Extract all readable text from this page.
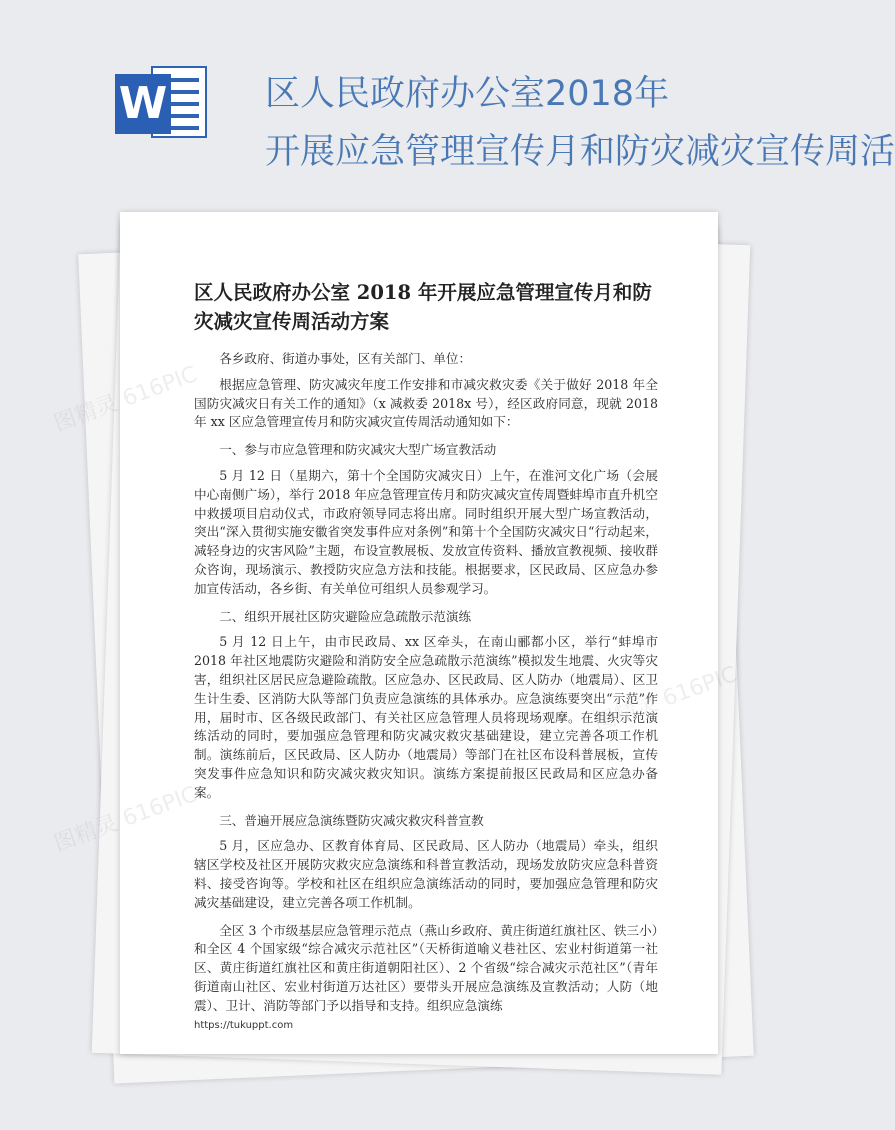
W	区人民政府办公室2018年
开展应急管理宣传月和防灾减灾宣传周活
图精灵 616PIC
图精灵 616PIC
图精灵 616PIC
区人民政府办公室 2018 年开展应急管理宣传月和防灾减灾宣传周活动方案

各乡政府、街道办事处，区有关部门、单位：

根据应急管理、防灾减灾年度工作安排和市减灾救灾委《关于做好 2018 年全国防灾减灾日有关工作的通知》（x 减救委 2018x 号），经区政府同意，现就 2018 年 xx 区应急管理宣传月和防灾减灾宣传周活动通知如下：

一、参与市应急管理和防灾减灾大型广场宣教活动

5 月 12 日（星期六，第十个全国防灾减灾日）上午，在淮河文化广场（会展中心南侧广场），举行 2018 年应急管理宣传月和防灾减灾宣传周暨蚌埠市直升机空中救援项目启动仪式，市政府领导同志将出席。同时组织开展大型广场宣教活动，突出“深入贯彻实施安徽省突发事件应对条例”和第十个全国防灾减灾日“行动起来，减轻身边的灾害风险”主题，布设宣教展板、发放宣传资料、播放宣教视频、接收群众咨询，现场演示、教授防灾应急方法和技能。根据要求，区民政局、区应急办参加宣传活动，各乡街、有关单位可组织人员参观学习。

二、组织开展社区防灾避险应急疏散示范演练

5 月 12 日上午，由市民政局、xx 区牵头，在南山郦都小区，举行“蚌埠市 2018 年社区地震防灾避险和消防安全应急疏散示范演练”模拟发生地震、火灾等灾害，组织社区居民应急避险疏散。区应急办、区民政局、区人防办（地震局）、区卫生计生委、区消防大队等部门负责应急演练的具体承办。应急演练要突出“示范”作用，届时市、区各级民政部门、有关社区应急管理人员将现场观摩。在组织示范演练活动的同时，要加强应急管理和防灾减灾救灾基础建设，建立完善各项工作机制。演练前后，区民政局、区人防办（地震局）等部门在社区布设科普展板，宣传突发事件应急知识和防灾减灾救灾知识。演练方案提前报区民政局和区应急办备案。

三、普遍开展应急演练暨防灾减灾救灾科普宣教

5 月，区应急办、区教育体育局、区民政局、区人防办（地震局）牵头，组织辖区学校及社区开展防灾救灾应急演练和科普宣教活动，现场发放防灾应急科普资料、接受咨询等。学校和社区在组织应急演练活动的同时，要加强应急管理和防灾减灾基础建设，建立完善各项工作机制。

全区 3 个市级基层应急管理示范点（燕山乡政府、黄庄街道红旗社区、铁三小）和全区 4 个国家级“综合减灾示范社区”（天桥街道喻义巷社区、宏业村街道第一社区、黄庄街道红旗社区和黄庄街道朝阳社区）、2 个省级“综合减灾示范社区”（青年街道南山社区、宏业村街道万达社区）要带头开展应急演练及宣教活动；人防（地震）、卫计、消防等部门予以指导和支持。组织应急演练

https://tukuppt.com
